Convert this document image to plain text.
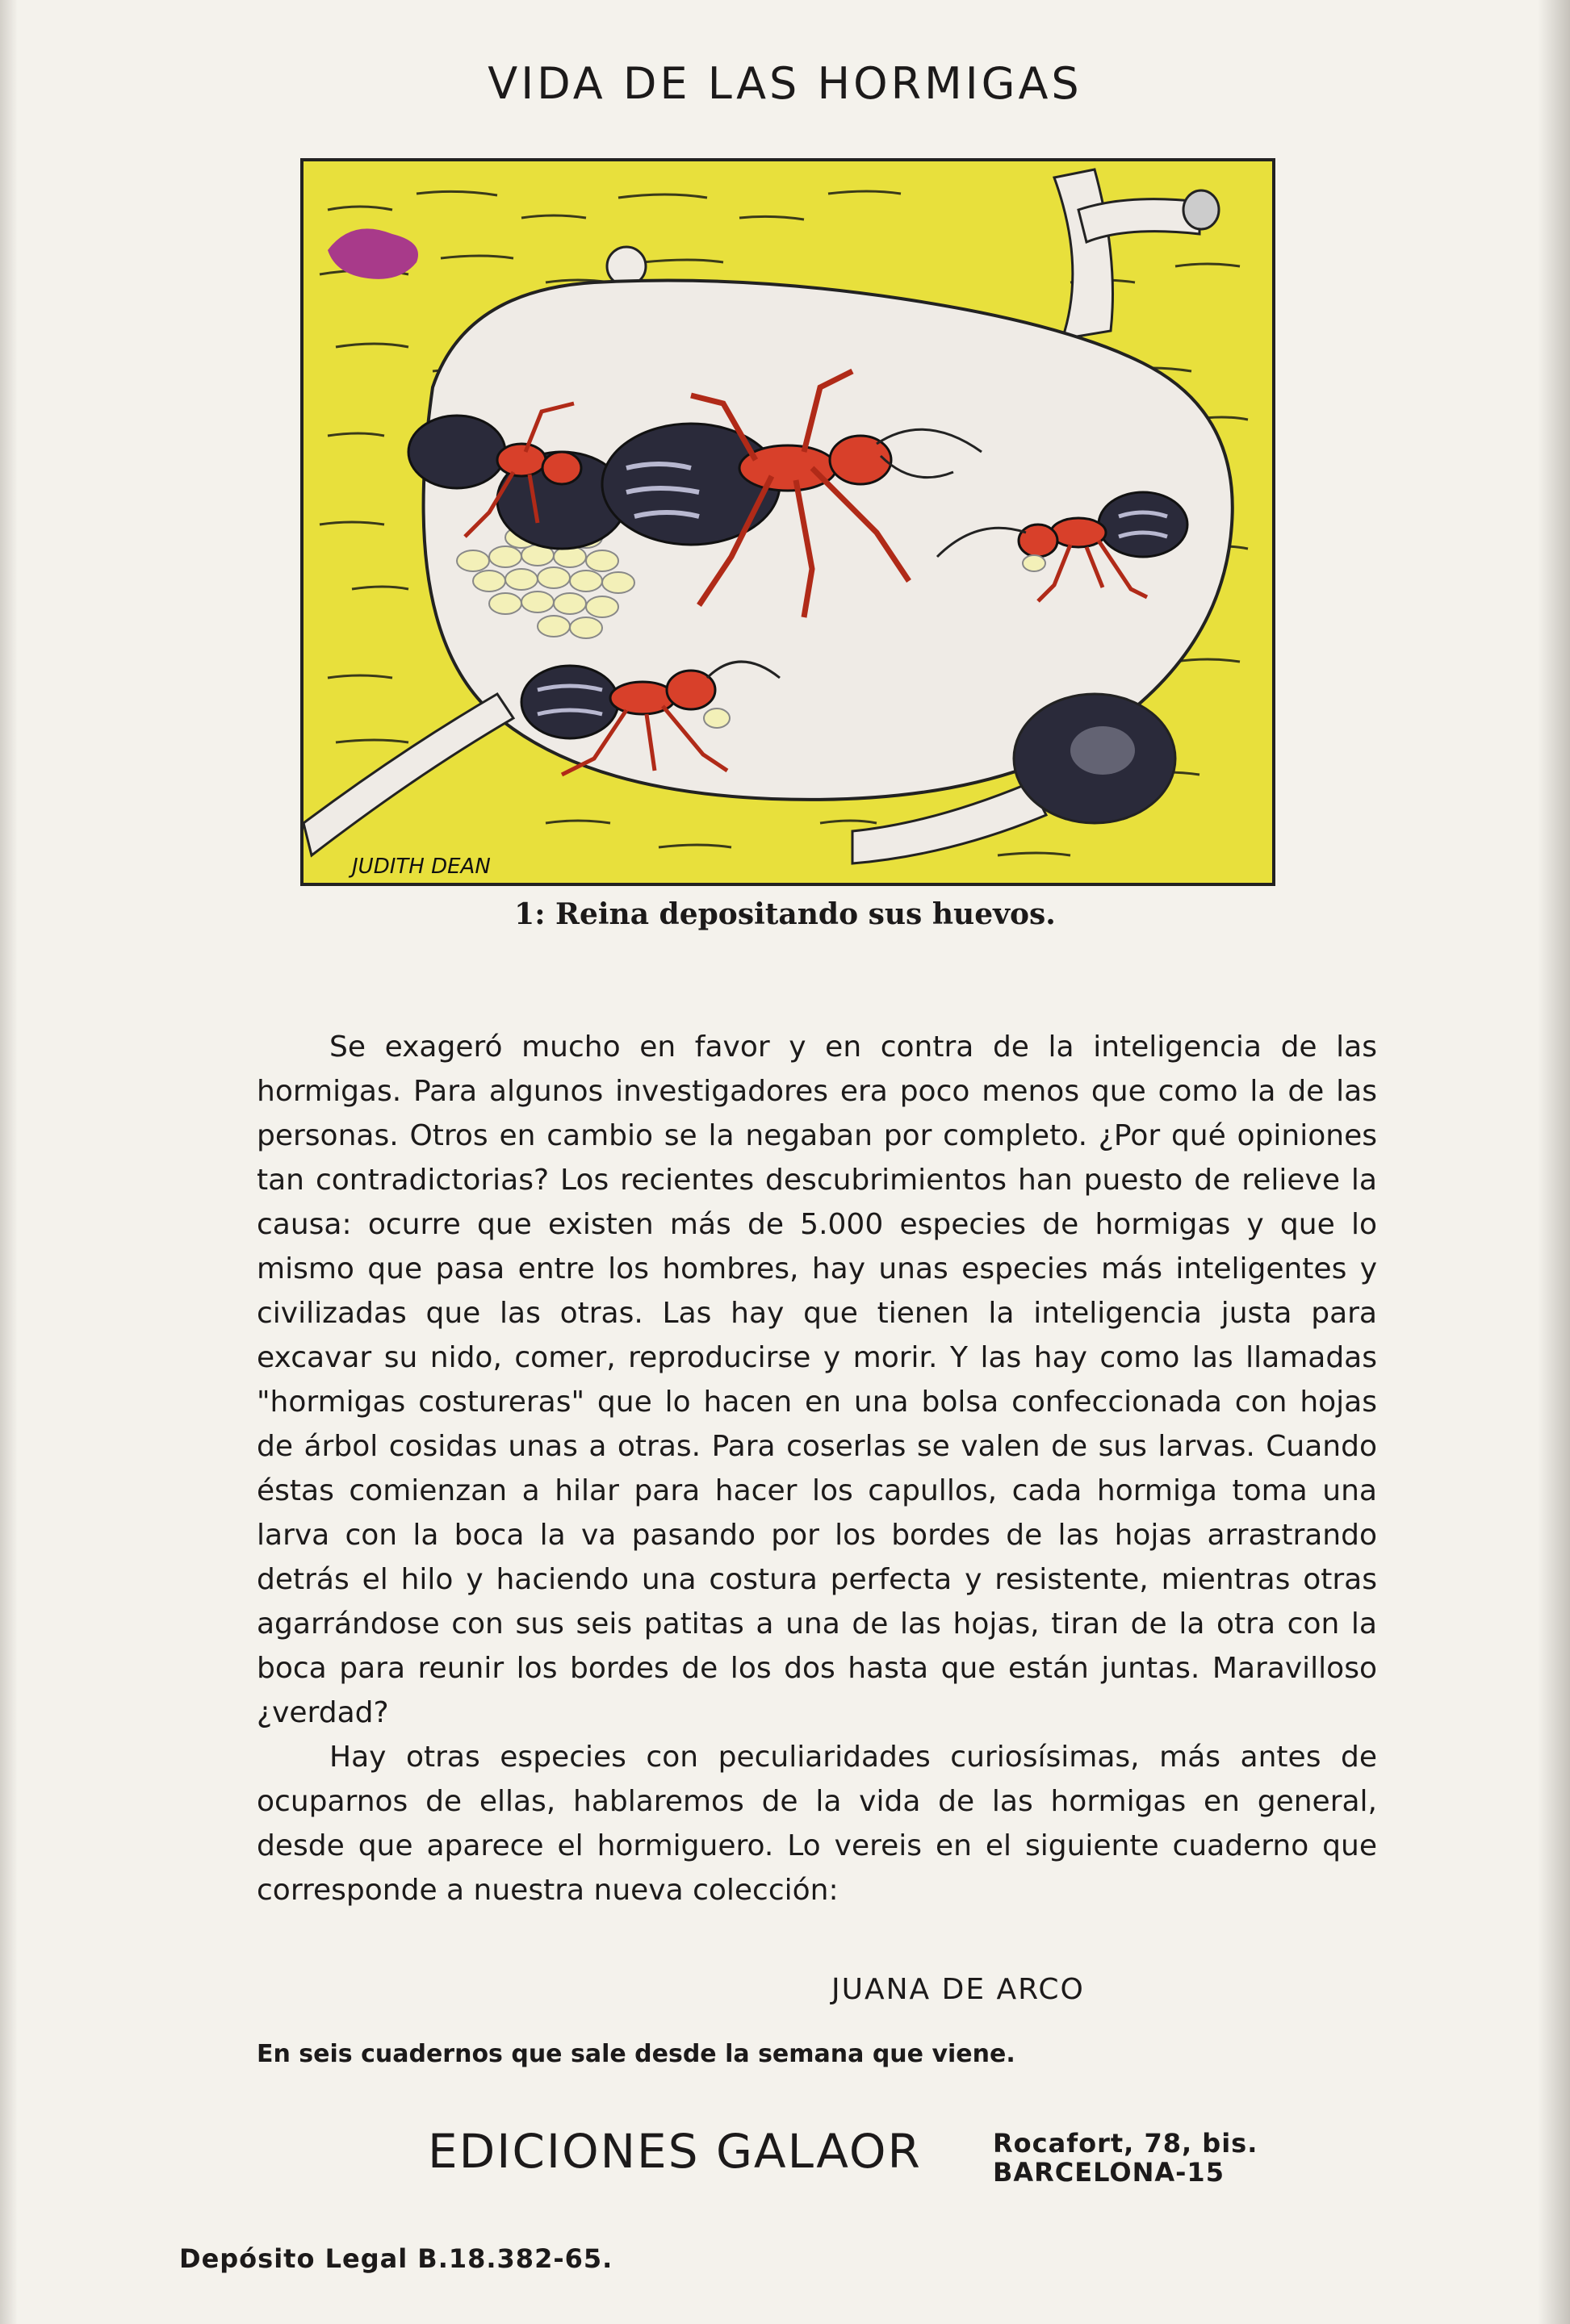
VIDA DE LAS HORMIGAS
JUDITH DEAN
1: Reina depositando sus huevos.

Se exageró mucho en favor y en contra de la inteligencia de las hormigas. Para algunos investigadores era poco menos que como la de las personas. Otros en cambio se la negaban por completo. ¿Por qué opiniones tan contradictorias? Los recientes descubrimientos han puesto de relieve la causa: ocurre que existen más de 5.000 especies de hormigas y que lo mismo que pasa entre los hombres, hay unas especies más inteligentes y civilizadas que las otras. Las hay que tienen la inteligencia justa para excavar su nido, comer, reproducirse y morir. Y las hay como las llamadas "hormigas costureras" que lo hacen en una bolsa confeccionada con hojas de árbol cosidas unas a otras. Para coserlas se valen de sus larvas. Cuando éstas comienzan a hilar para hacer los capullos, cada hormiga toma una larva con la boca la va pasando por los bordes de las hojas arrastrando detrás el hilo y haciendo una costura perfecta y resistente, mientras otras agarrándose con sus seis patitas a una de las hojas, tiran de la otra con la boca para reunir los bordes de los dos hasta que están juntas. Maravilloso ¿verdad?

Hay otras especies con peculiaridades curiosísimas, más antes de ocuparnos de ellas, hablaremos de la vida de las hormigas en general, desde que aparece el hormiguero. Lo vereis en el siguiente cuaderno que corresponde a nuestra nueva colección:

JUANA DE ARCO
En seis cuadernos que sale desde la semana que viene.
EDICIONES GALAOR	Rocafort, 78, bis.
BARCELONA-15
Depósito Legal B.18.382-65.
